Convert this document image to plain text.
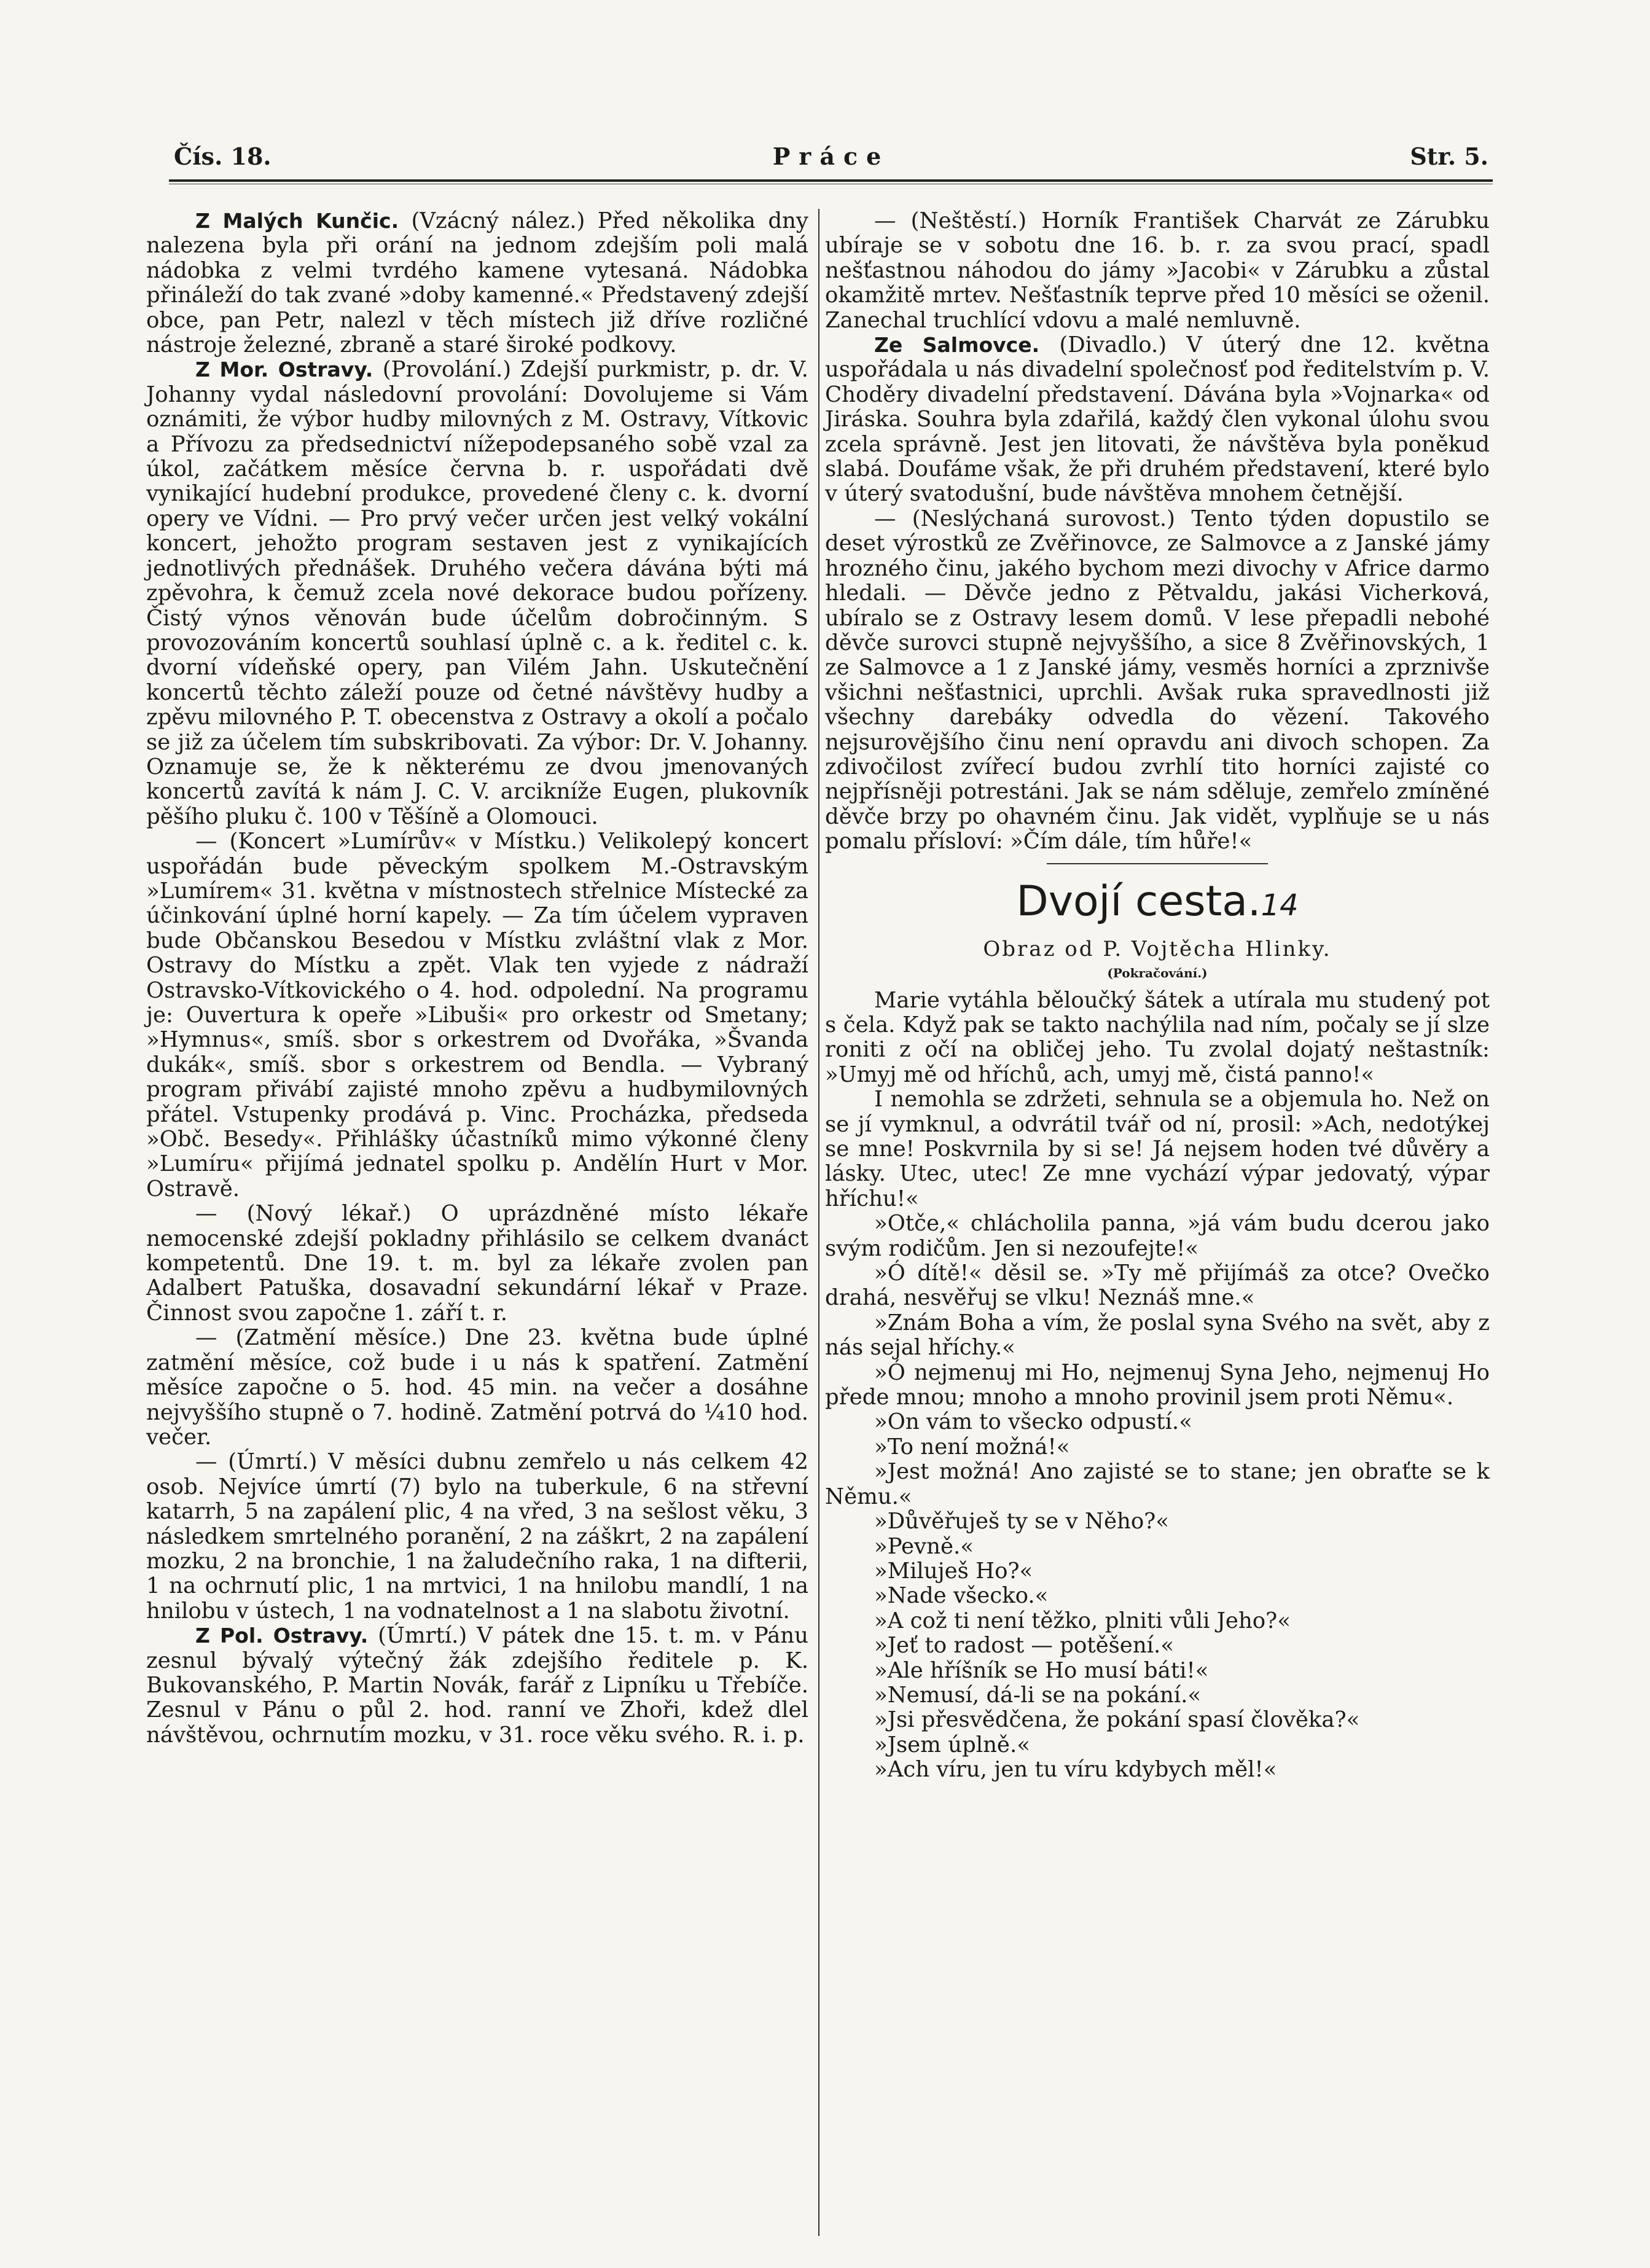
Čís. 18.	Práce	Str. 5.

Z Malých Kunčic. (Vzácný nález.) Před několika dny nalezena byla při orání na jednom zdejším poli malá nádobka z velmi tvrdého kamene vytesaná. Nádobka přináleží do tak zvané »doby kamenné.« Představený zdejší obce, pan Petr, nalezl v těch místech již dříve rozličné nástroje železné, zbraně a staré široké podkovy.

Z Mor. Ostravy. (Provolání.) Zdejší purkmistr, p. dr. V. Johanny vydal následovní provolání: Dovolujeme si Vám oznámiti, že výbor hudby milovných z M. Ostravy, Vítkovic a Přívozu za předsednictví nížepodepsaného sobě vzal za úkol, začátkem měsíce června b. r. uspořádati dvě vynikající hudební produkce, provedené členy c. k. dvorní opery ve Vídni. — Pro prvý večer určen jest velký vokální koncert, jehožto program sestaven jest z vynikajících jednotlivých přednášek. Druhého večera dávána býti má zpěvohra, k čemuž zcela nové dekorace budou pořízeny. Čistý výnos věnován bude účelům dobročinným. S provozováním koncertů souhlasí úplně c. a k. ředitel c. k. dvorní vídeňské opery, pan Vilém Jahn. Uskutečnění koncertů těchto záleží pouze od četné návštěvy hudby a zpěvu milovného P. T. obecenstva z Ostravy a okolí a počalo se již za účelem tím subskribovati. Za výbor: Dr. V. Johanny. Oznamuje se, že k některému ze dvou jmenovaných koncertů zavítá k nám J. C. V. arcikníže Eugen, plukovník pěšího pluku č. 100 v Těšíně a Olomouci.

— (Koncert »Lumírův« v Místku.) Velikolepý koncert uspořádán bude pěveckým spolkem M.-Ostravským »Lumírem« 31. května v místnostech střelnice Místecké za účinkování úplné horní kapely. — Za tím účelem vypraven bude Občanskou Besedou v Místku zvláštní vlak z Mor. Ostravy do Místku a zpět. Vlak ten vyjede z nádraží Ostravsko-Vítkovického o 4. hod. odpolední. Na programu je: Ouvertura k opeře »Libuši« pro orkestr od Smetany; »Hymnus«, smíš. sbor s orkestrem od Dvořáka, »Švanda dukák«, smíš. sbor s orkestrem od Bendla. — Vybraný program přivábí zajisté mnoho zpěvu a hudbymilovných přátel. Vstupenky prodává p. Vinc. Procházka, předseda »Obč. Besedy«. Přihlášky účastníků mimo výkonné členy »Lumíru« přijímá jednatel spolku p. Andělín Hurt v Mor. Ostravě.

— (Nový lékař.) O uprázdněné místo lékaře nemocenské zdejší pokladny přihlásilo se celkem dvanáct kompetentů. Dne 19. t. m. byl za lékaře zvolen pan Adalbert Patuška, dosavadní sekundární lékař v Praze. Činnost svou započne 1. září t. r.

— (Zatmění měsíce.) Dne 23. května bude úplné zatmění měsíce, což bude i u nás k spatření. Zatmění měsíce započne o 5. hod. 45 min. na večer a dosáhne nejvyššího stupně o 7. hodině. Zatmění potrvá do ¼10 hod. večer.

— (Úmrtí.) V měsíci dubnu zemřelo u nás celkem 42 osob. Nejvíce úmrtí (7) bylo na tuberkule, 6 na střevní katarrh, 5 na zapálení plic, 4 na vřed, 3 na sešlost věku, 3 následkem smrtelného poranění, 2 na záškrt, 2 na zapálení mozku, 2 na bronchie, 1 na žaludečního raka, 1 na difterii, 1 na ochrnutí plic, 1 na mrtvici, 1 na hnilobu mandlí, 1 na hnilobu v ústech, 1 na vodnatelnost a 1 na slabotu životní.

Z Pol. Ostravy. (Úmrtí.) V pátek dne 15. t. m. v Pánu zesnul bývalý výtečný žák zdejšího ředitele p. K. Bukovanského, P. Martin Novák, farář z Lipníku u Třebíče. Zesnul v Pánu o půl 2. hod. ranní ve Zhoři, kdež dlel návštěvou, ochrnutím mozku, v 31. roce věku svého. R. i. p.

— (Neštěstí.) Horník František Charvát ze Zárubku ubíraje se v sobotu dne 16. b. r. za svou prací, spadl nešťastnou náhodou do jámy »Jacobi« v Zárubku a zůstal okamžitě mrtev. Nešťastník teprve před 10 měsíci se oženil. Zanechal truchlící vdovu a malé nemluvně.

Ze Salmovce. (Divadlo.) V úterý dne 12. května uspořádala u nás divadelní společnosť pod ředitelstvím p. V. Choděry divadelní představení. Dávána byla »Vojnarka« od Jiráska. Souhra byla zdařilá, každý člen vykonal úlohu svou zcela správně. Jest jen litovati, že návštěva byla poněkud slabá. Doufáme však, že při druhém představení, které bylo v úterý svatodušní, bude návštěva mnohem četnější.

— (Neslýchaná surovost.) Tento týden dopustilo se deset výrostků ze Zvěřinovce, ze Salmovce a z Janské jámy hrozného činu, jakého bychom mezi divochy v Africe darmo hledali. — Děvče jedno z Pětvaldu, jakási Vicherková, ubíralo se z Ostravy lesem domů. V lese přepadli nebohé děvče surovci stupně nejvyššího, a sice 8 Zvěřinovských, 1 ze Salmovce a 1 z Janské jámy, vesměs horníci a zprznivše všichni nešťastnici, uprchli. Avšak ruka spravedlnosti již všechny darebáky odvedla do vězení. Takového nejsurovějšího činu není opravdu ani divoch schopen. Za zdivočilost zvířecí budou zvrhlí tito horníci zajisté co nejpřísněji potrestáni. Jak se nám sděluje, zemřelo zmíněné děvče brzy po ohavném činu. Jak vidět, vyplňuje se u nás pomalu přísloví: »Čím dále, tím hůře!«

Dvojí cesta.14
Obraz od P. Vojtěcha Hlinky.
(Pokračování.)

Marie vytáhla běloučký šátek a utírala mu studený pot s čela. Když pak se takto nachýlila nad ním, počaly se jí slze roniti z očí na obličej jeho. Tu zvolal dojatý neštastník: »Umyj mě od hříchů, ach, umyj mě, čistá panno!«

I nemohla se zdržeti, sehnula se a objemula ho. Než on se jí vymknul, a odvrátil tvář od ní, prosil: »Ach, nedotýkej se mne! Poskvrnila by si se! Já nejsem hoden tvé důvěry a lásky. Utec, utec! Ze mne vychází výpar jedovatý, výpar hříchu!«

»Otče,« chlácholila panna, »já vám budu dcerou jako svým rodičům. Jen si nezoufejte!«

»Ó dítě!« děsil se. »Ty mě přijímáš za otce? Ovečko drahá, nesvěřuj se vlku! Neznáš mne.«

»Znám Boha a vím, že poslal syna Svého na svět, aby z nás sejal hříchy.«

»Ó nejmenuj mi Ho, nejmenuj Syna Jeho, nejmenuj Ho přede mnou; mnoho a mnoho provinil jsem proti Němu«.

»On vám to všecko odpustí.«

»To není možná!«

»Jest možná! Ano zajisté se to stane; jen obraťte se k Němu.«

»Důvěřuješ ty se v Něho?«

»Pevně.«

»Miluješ Ho?«

»Nade všecko.«

»A což ti není těžko, plniti vůli Jeho?«

»Jeť to radost — potěšení.«

»Ale hříšník se Ho musí báti!«

»Nemusí, dá-li se na pokání.«

»Jsi přesvědčena, že pokání spasí člověka?«

»Jsem úplně.«

»Ach víru, jen tu víru kdybych měl!«
